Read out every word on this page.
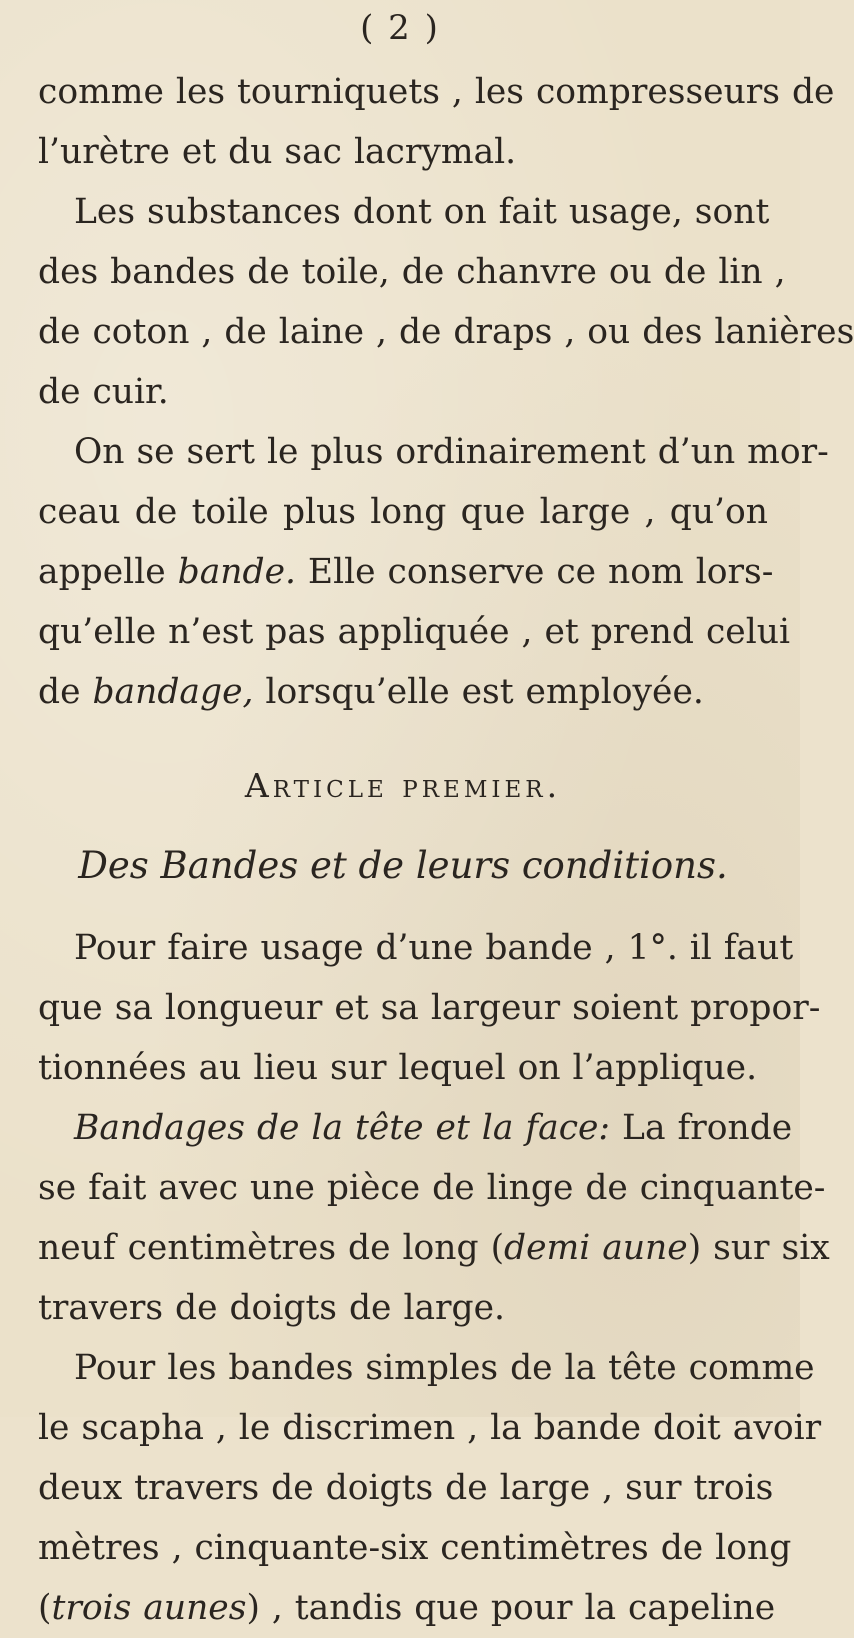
( 2 )

comme les tourniquets , les compresseurs de
l’urètre et du sac lacrymal.

Les substances dont on fait usage, sont
des bandes de toile, de chanvre ou de lin ,
de coton , de laine , de draps , ou des lanières
de cuir.

On se sert le plus ordinairement d’un mor-
ceau de toile plus long que large , qu’on
appelle bande. Elle conserve ce nom lors-
qu’elle n’est pas appliquée , et prend celui
de bandage, lorsqu’elle est employée.

Article premier.
Des Bandes et de leurs conditions.

Pour faire usage d’une bande , 1°. il faut
que sa longueur et sa largeur soient propor-
tionnées au lieu sur lequel on l’applique.

Bandages de la tête et la face: La fronde
se fait avec une pièce de linge de cinquante-
neuf centimètres de long (demi aune) sur six
travers de doigts de large.

Pour les bandes simples de la tête comme
le scapha , le discrimen , la bande doit avoir
deux travers de doigts de large , sur trois
mètres , cinquante-six centimètres de long
(trois aunes) , tandis que pour la capeline
